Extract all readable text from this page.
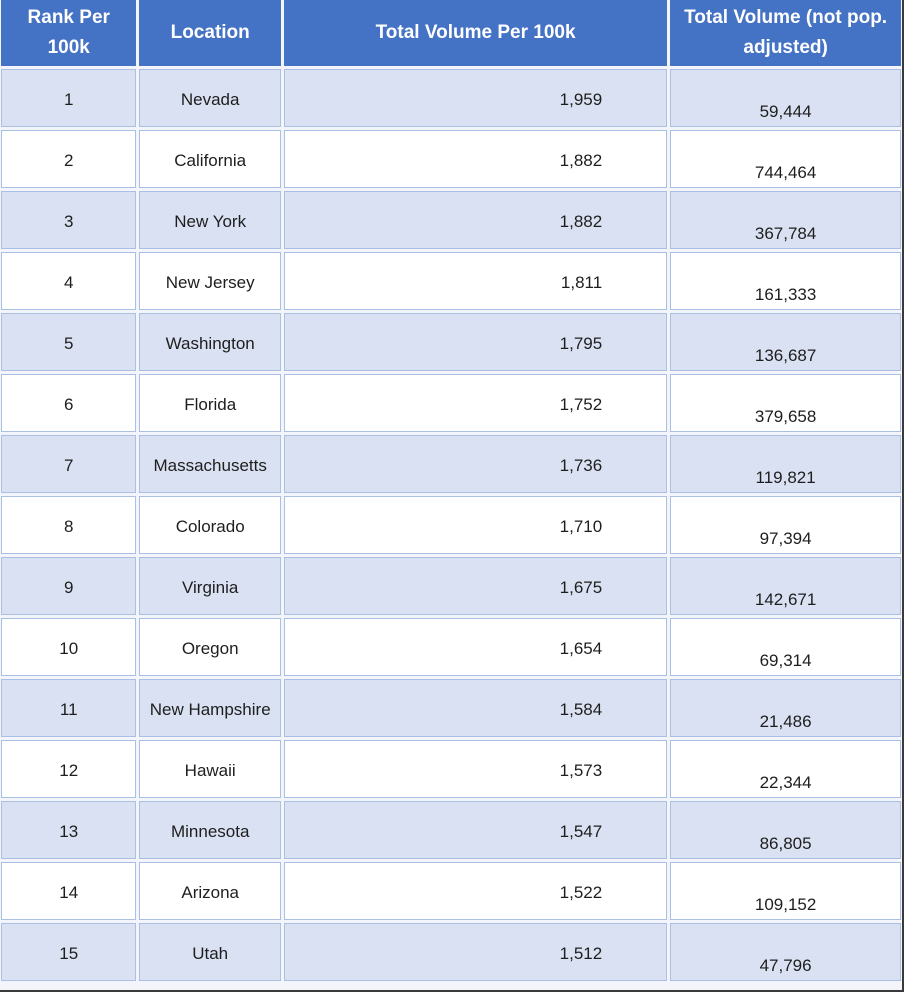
Rank Per 100k	Location	Total Volume Per 100k	Total Volume (not pop. adjusted)
1	Nevada	1,959	59,444
2	California	1,882	744,464
3	New York	1,882	367,784
4	New Jersey	1,811	161,333
5	Washington	1,795	136,687
6	Florida	1,752	379,658
7	Massachusetts	1,736	119,821
8	Colorado	1,710	97,394
9	Virginia	1,675	142,671
10	Oregon	1,654	69,314
11	New Hampshire	1,584	21,486
12	Hawaii	1,573	22,344
13	Minnesota	1,547	86,805
14	Arizona	1,522	109,152
15	Utah	1,512	47,796
